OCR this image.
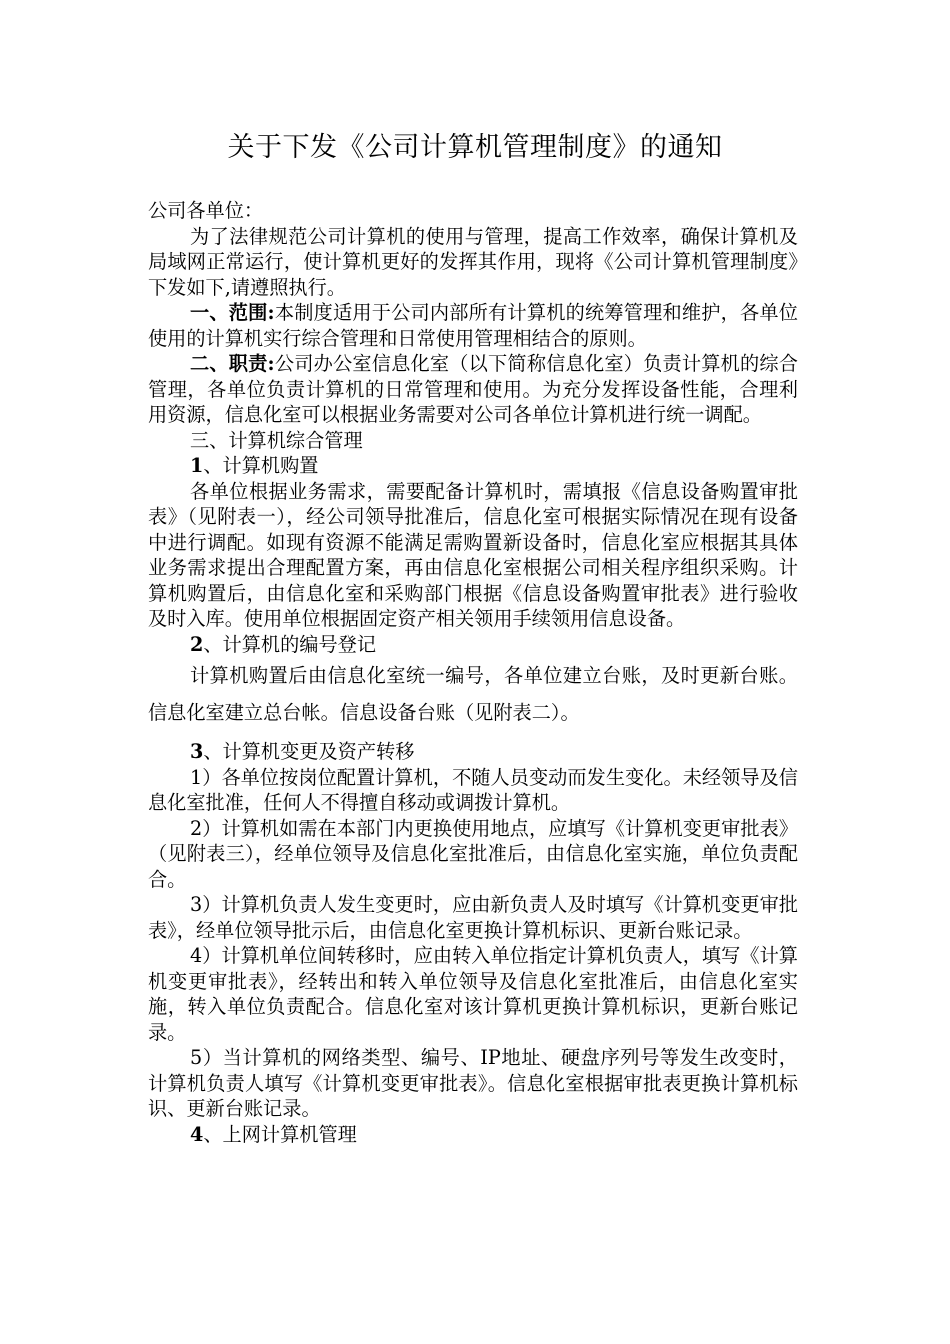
关于下发《公司计算机管理制度》的通知

公司各单位：

为了法律规范公司计算机的使用与管理，提高工作效率，确保计算机及局域网正常运行，使计算机更好的发挥其作用，现将《公司计算机管理制度》下发如下,请遵照执行。

一、范围:本制度适用于公司内部所有计算机的统筹管理和维护，各单位使用的计算机实行综合管理和日常使用管理相结合的原则。

二、职责:公司办公室信息化室（以下简称信息化室）负责计算机的综合管理，各单位负责计算机的日常管理和使用。为充分发挥设备性能，合理利用资源，信息化室可以根据业务需要对公司各单位计算机进行统一调配。

三、计算机综合管理

1、计算机购置

各单位根据业务需求，需要配备计算机时，需填报《信息设备购置审批表》（见附表一），经公司领导批准后，信息化室可根据实际情况在现有设备中进行调配。如现有资源不能满足需购置新设备时，信息化室应根据其具体业务需求提出合理配置方案，再由信息化室根据公司相关程序组织采购。计算机购置后，由信息化室和采购部门根据《信息设备购置审批表》进行验收及时入库。使用单位根据固定资产相关领用手续领用信息设备。

2、计算机的编号登记

计算机购置后由信息化室统一编号，各单位建立台账，及时更新台账。信息化室建立总台帐。信息设备台账（见附表二）。

3、计算机变更及资产转移

1）各单位按岗位配置计算机，不随人员变动而发生变化。未经领导及信息化室批准，任何人不得擅自移动或调拨计算机。

2）计算机如需在本部门内更换使用地点，应填写《计算机变更审批表》（见附表三），经单位领导及信息化室批准后，由信息化室实施，单位负责配合。

3）计算机负责人发生变更时，应由新负责人及时填写《计算机变更审批表》，经单位领导批示后，由信息化室更换计算机标识、更新台账记录。

4）计算机单位间转移时，应由转入单位指定计算机负责人，填写《计算机变更审批表》，经转出和转入单位领导及信息化室批准后，由信息化室实施，转入单位负责配合。信息化室对该计算机更换计算机标识，更新台账记录。

5）当计算机的网络类型、编号、IP地址、硬盘序列号等发生改变时，计算机负责人填写《计算机变更审批表》。信息化室根据审批表更换计算机标识、更新台账记录。

4、上网计算机管理
